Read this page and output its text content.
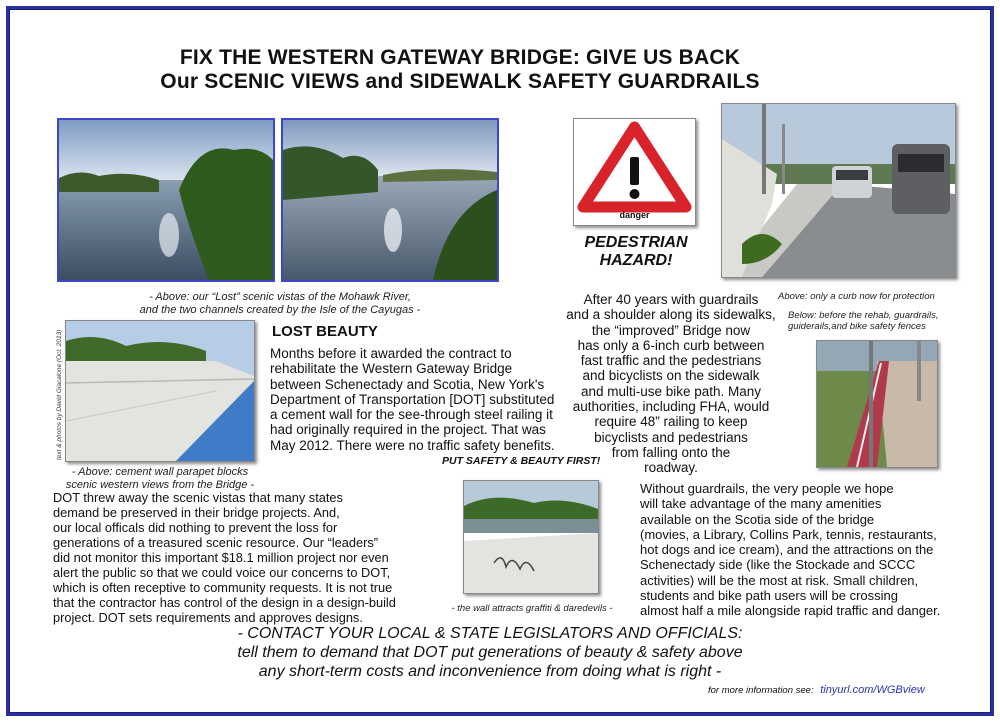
FIX THE WESTERN GATEWAY BRIDGE: GIVE US BACK
Our SCENIC VIEWS and SIDEWALK SAFETY GUARDRAILS
- Above: our “Lost” scenic vistas of the Mohawk River,
and the two channels created by the Isle of the Cayugas -
danger
PEDESTRIAN
HAZARD!
Above: only a curb now for protection
Below: before the rehab, guardrails,
guiderails,and bike safety fences
text & photos by David Giacalone (Oct. 2013)
- Above: cement wall parapet blocks
scenic western views from the Bridge -
LOST BEAUTY
Months before it awarded the contract to rehabilitate the Western Gateway Bridge between Schenectady and Scotia, New York's Department of Transportation [DOT] substituted a cement wall for the see-through steel railing it had originally required in the project. That was May 2012. There were no traffic safety benefits.
After 40 years with guardrails
and a shoulder along its sidewalks,
the “improved” Bridge now
has only a 6-inch curb between
fast traffic and the pedestrians
and bicyclists on the sidewalk
and multi-use bike path. Many
authorities, including FHA, would
require 48” railing to keep
bicyclists and pedestrians
from falling onto the
roadway.
PUT SAFETY & BEAUTY FIRST!
DOT threw away the scenic vistas that many states
demand be preserved in their bridge projects. And,
our local officals did nothing to prevent the loss for
generations of a treasured scenic resource. Our “leaders”
did not monitor this important $18.1 million project nor even
alert the public so that we could voice our concerns to DOT,
which is often receptive to community requests. It is not true
that the contractor has control of the design in a design-build
project. DOT sets requirements and approves designs.
- the wall attracts graffiti & daredevils -
Without guardrails, the very people we hope
will take advantage of the many amenities
available on the Scotia side of the bridge
(movies, a Library, Collins Park, tennis, restaurants,
hot dogs and ice cream), and the attractions on the
Schenectady side (like the Stockade and SCCC
activities) will be the most at risk. Small children,
students and bike path users will be crossing
almost half a mile alongside rapid traffic and danger.
- CONTACT YOUR LOCAL & STATE LEGISLATORS AND OFFICIALS:
tell them to demand that DOT put generations of beauty & safety above
any short-term costs and inconvenience from doing what is right -
for more information see: tinyurl.com/WGBview
